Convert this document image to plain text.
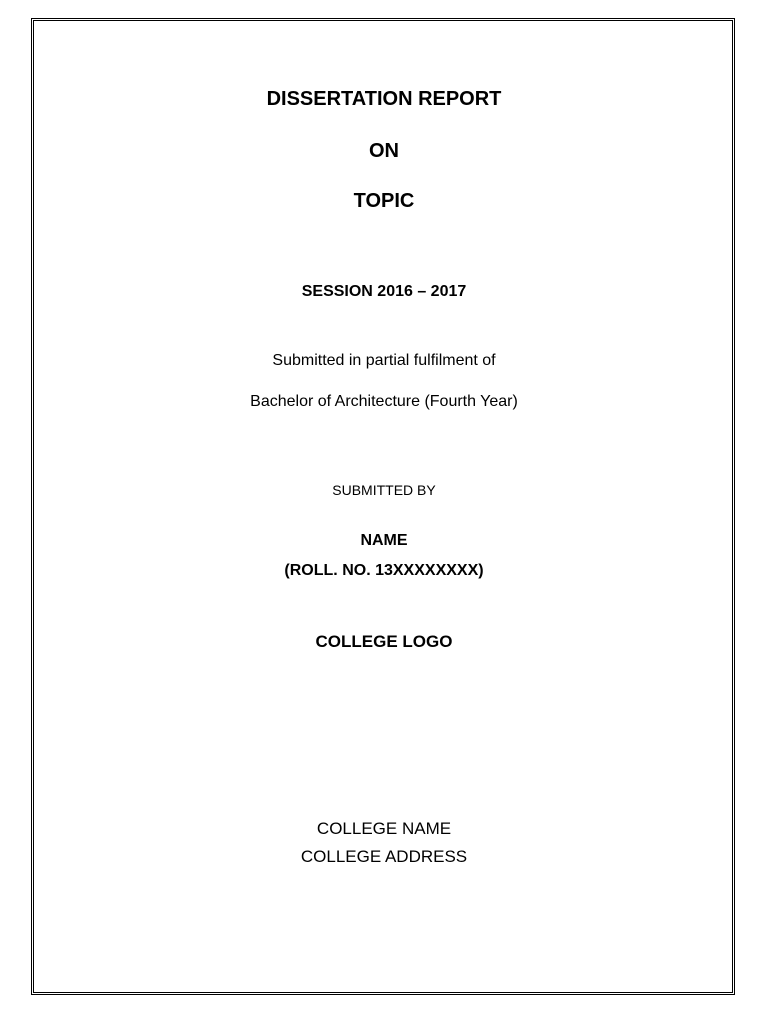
DISSERTATION REPORT
ON
TOPIC
SESSION 2016 – 2017
Submitted in partial fulfilment of
Bachelor of Architecture (Fourth Year)
SUBMITTED BY
NAME
(ROLL. NO. 13XXXXXXXX)
COLLEGE LOGO
COLLEGE NAME
COLLEGE ADDRESS
